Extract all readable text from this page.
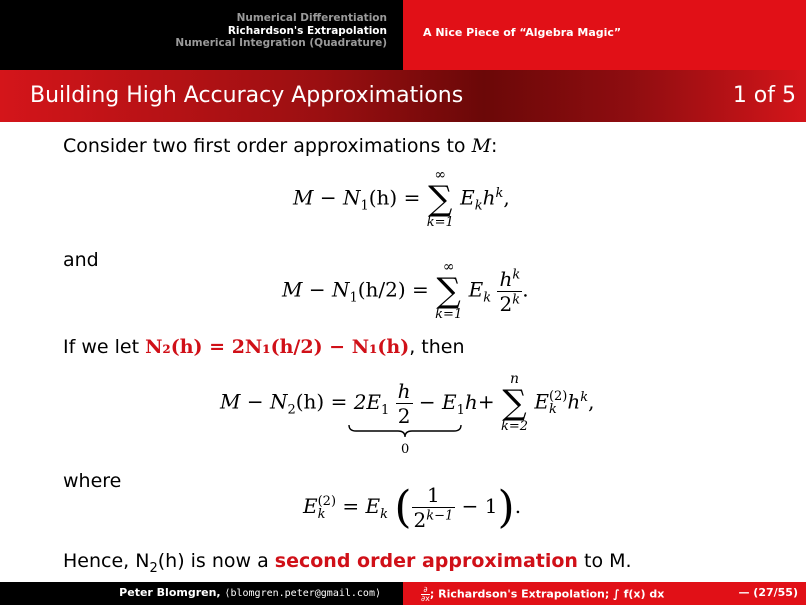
Numerical Differentiation
Richardson's Extrapolation
Numerical Integration (Quadrature)
A Nice Piece of “Algebra Magic”
Building High Accuracy Approximations	1 of 5
Consider two first order approximations to M:
$M - N_1(h)$ =
∞
∑
k=1
$E_kh^k$,
and
$M - N_1(h/2)$ =
∞
∑
k=1
$E_k \frac{h^k}{2^k}$ .
If we let N₂(h) = 2N₁(h/2) − N₁(h), then
$M - N_2(h) = 2E_1 \frac{h}{2} - E_1h+$
n
∑
k=2
E (2)
k $h^k$,
0
where
E (2)
$k = E_k$ ( $\frac{1}{2^{k-1}} - 1$).
Hence, $N_2(h)$ is now a second order approximation to M.
Peter Blomgren, ⟨blomgren.peter@gmail.com⟩	∂
∂x ; Richardson's Extrapolation; ∫ f(x) dx	— (27/55)
